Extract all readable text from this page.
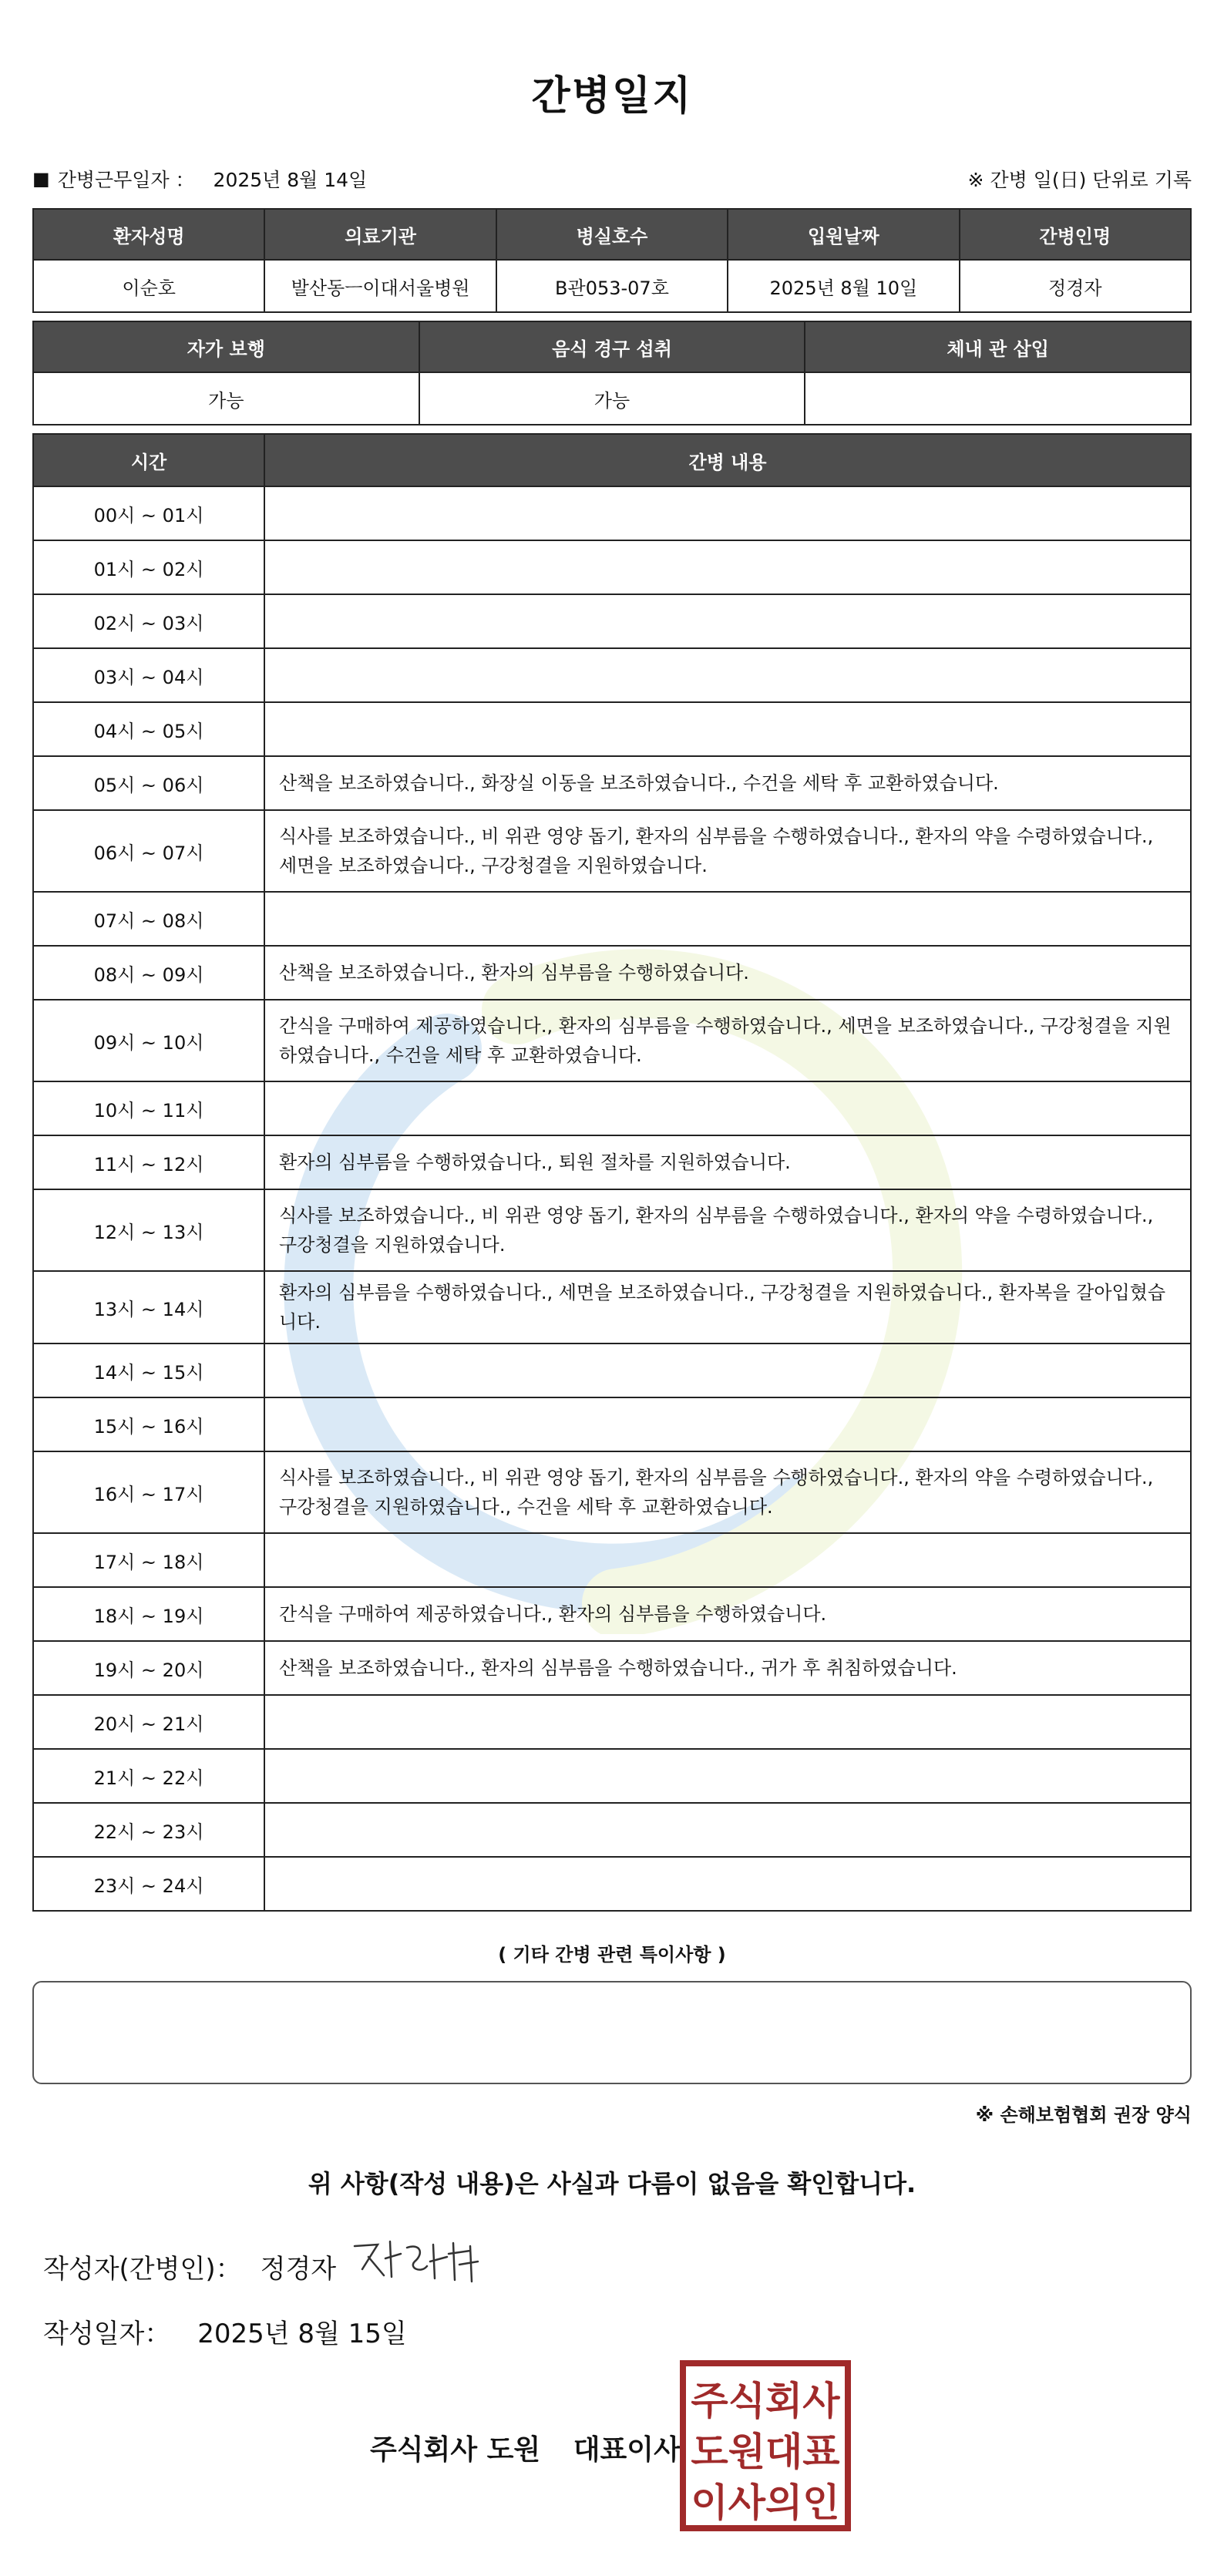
간병일지
■ 간병근무일자 ： 2025년 8월 14일	※ 간병 일(日) 단위로 기록
환자성명	의료기관	병실호수	입원날짜	간병인명
이순호	발산동ㅡ이대서울병원	B관053-07호	2025년 8월 10일	정경자
자가 보행	음식 경구 섭취	체내 관 삽입
가능	가능	
시간	간병 내용
00시 ~ 01시	
01시 ~ 02시	
02시 ~ 03시	
03시 ~ 04시	
04시 ~ 05시	
05시 ~ 06시	산책을 보조하였습니다., 화장실 이동을 보조하였습니다., 수건을 세탁 후 교환하였습니다.
06시 ~ 07시	식사를 보조하였습니다., 비 위관 영양 돕기, 환자의 심부름을 수행하였습니다., 환자의 약을 수령하였습니다., 세면을 보조하였습니다., 구강청결을 지원하였습니다.
07시 ~ 08시	
08시 ~ 09시	산책을 보조하였습니다., 환자의 심부름을 수행하였습니다.
09시 ~ 10시	간식을 구매하여 제공하였습니다., 환자의 심부름을 수행하였습니다., 세면을 보조하였습니다., 구강청결을 지원하였습니다., 수건을 세탁 후 교환하였습니다.
10시 ~ 11시	
11시 ~ 12시	환자의 심부름을 수행하였습니다., 퇴원 절차를 지원하였습니다.
12시 ~ 13시	식사를 보조하였습니다., 비 위관 영양 돕기, 환자의 심부름을 수행하였습니다., 환자의 약을 수령하였습니다., 구강청결을 지원하였습니다.
13시 ~ 14시	환자의 심부름을 수행하였습니다., 세면을 보조하였습니다., 구강청결을 지원하였습니다., 환자복을 갈아입혔습니다.
14시 ~ 15시	
15시 ~ 16시	
16시 ~ 17시	식사를 보조하였습니다., 비 위관 영양 돕기, 환자의 심부름을 수행하였습니다., 환자의 약을 수령하였습니다., 구강청결을 지원하였습니다., 수건을 세탁 후 교환하였습니다.
17시 ~ 18시	
18시 ~ 19시	간식을 구매하여 제공하였습니다., 환자의 심부름을 수행하였습니다.
19시 ~ 20시	산책을 보조하였습니다., 환자의 심부름을 수행하였습니다., 귀가 후 취침하였습니다.
20시 ~ 21시	
21시 ~ 22시	
22시 ~ 23시	
23시 ~ 24시	
( 기타 간병 관련 특이사항 )
※ 손해보험협회 권장 양식
위 사항(작성 내용)은 사실과 다름이 없음을 확인합니다.
작성자(간병인)： 정경자
작성일자： 2025년 8월 15일
주식회사 도원 대표이사
주식회사
도원대표
이사의인
